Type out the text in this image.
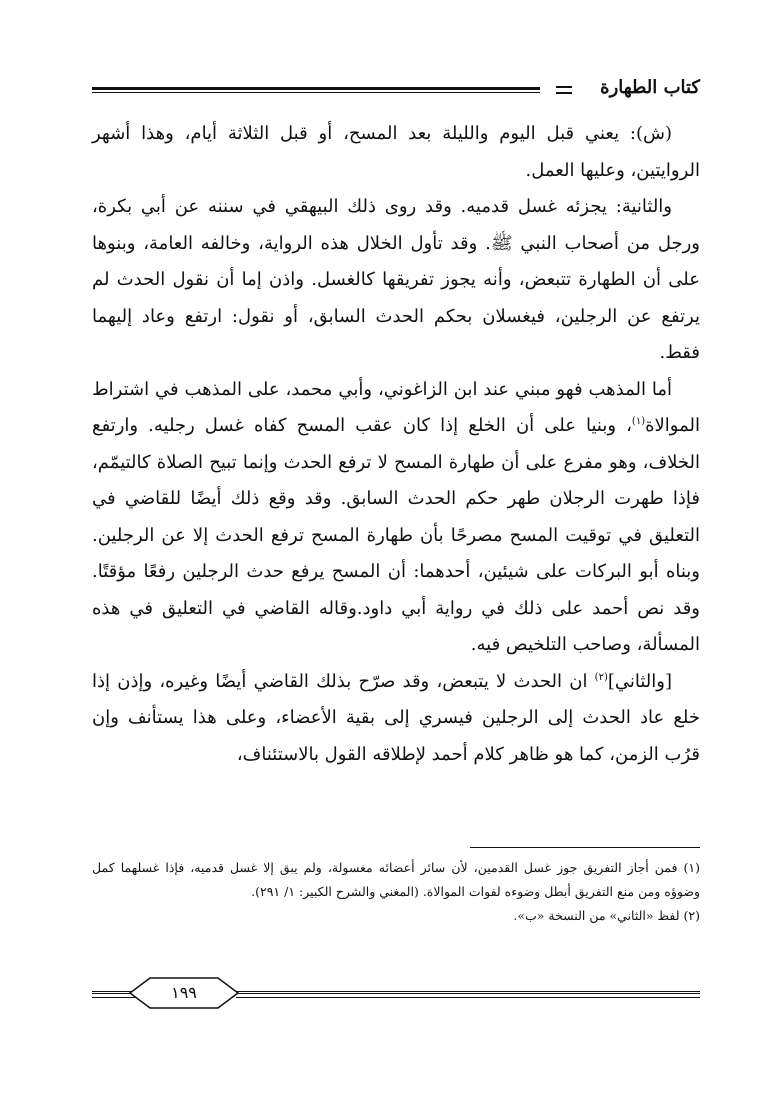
كتاب الطهارة

(ش): يعني قبل اليوم والليلة بعد المسح، أو قبل الثلاثة أيام، وهذا أشهر الروايتين، وعليها العمل.

والثانية: يجزئه غسل قدميه. وقد روى ذلك البيهقي في سننه عن أبي بكرة، ورجل من أصحاب النبي ﷺ. وقد تأول الخلال هذه الرواية، وخالفه العامة، وبنوها على أن الطهارة تتبعض، وأنه يجوز تفريقها كالغسل. واذن إما أن نقول الحدث لم يرتفع عن الرجلين، فيغسلان بحكم الحدث السابق، أو نقول: ارتفع وعاد إليهما فقط.

أما المذهب فهو مبني عند ابن الزاغوني، وأبي محمد، على المذهب في اشتراط الموالاة$^{(١)}$، وبنيا على أن الخلع إذا كان عقب المسح كفاه غسل رجليه. وارتفع الخلاف، وهو مفرع على أن طهارة المسح لا ترفع الحدث وإنما تبيح الصلاة كالتيمّم، فإذا طهرت الرجلان طهر حكم الحدث السابق. وقد وقع ذلك أيضًا للقاضي في التعليق في توقيت المسح مصرحًا بأن طهارة المسح ترفع الحدث إلا عن الرجلين. وبناه أبو البركات على شيئين، أحدهما: أن المسح يرفع حدث الرجلين رفعًا مؤقتًا. وقد نص أحمد على ذلك في رواية أبي داود.وقاله القاضي في التعليق في هذه المسألة، وصاحب التلخيص فيه.

[والثاني]$^{(٢)}$ ان الحدث لا يتبعض، وقد صرّح بذلك القاضي أيضًا وغيره، وإذن إذا خلع عاد الحدث إلى الرجلين فيسري إلى بقية الأعضاء، وعلى هذا يستأنف وإن قرُب الزمن، كما هو ظاهر كلام أحمد لإطلاقه القول بالاستئناف،

(١) فمن أجاز التفريق جوز غسل القدمين، لأن سائر أعضائه مغسولة، ولم يبق إلا غسل قدميه، فإذا غسلهما كمل وضوؤه ومن منع التفريق أبطل وضوءه لفوات الموالاة. (المغني والشرح الكبير: ١/ ٢٩١).

(٢) لفظ «الثاني» من النسخة «ب».

١٩٩
